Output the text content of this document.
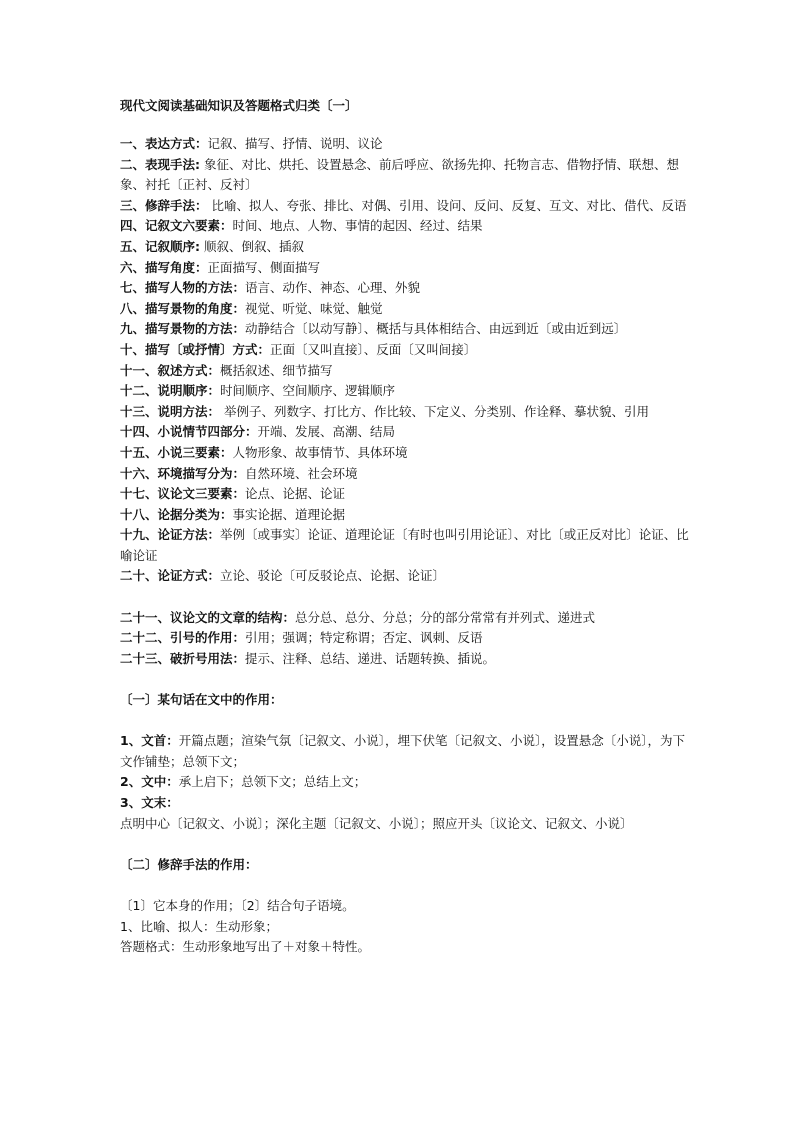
现代文阅读基础知识及答题格式归类〔一〕

一、表达方式：记叙、描写、抒情、说明、议论

二、表现手法: 象征、对比、烘托、设置悬念、前后呼应、欲扬先抑、托物言志、借物抒情、联想、想象、衬托〔正衬、反衬〕

三、修辞手法： 比喻、拟人、夸张、排比、对偶、引用、设问、反问、反复、互文、对比、借代、反语

四、记叙文六要素：时间、地点、人物、事情的起因、经过、结果

五、记叙顺序: 顺叙、倒叙、插叙

六、描写角度：正面描写、侧面描写

七、描写人物的方法：语言、动作、神态、心理、外貌

八、描写景物的角度：视觉、听觉、味觉、触觉

九、描写景物的方法：动静结合〔以动写静〕、概括与具体相结合、由远到近〔或由近到远〕

十、描写〔或抒情〕方式：正面〔又叫直接〕、反面〔又叫间接〕

十一、叙述方式：概括叙述、细节描写

十二、说明顺序：时间顺序、空间顺序、逻辑顺序

十三、说明方法： 举例子、列数字、打比方、作比较、下定义、分类别、作诠释、摹状貌、引用

十四、小说情节四部分：开端、发展、高潮、结局

十五、小说三要素：人物形象、故事情节、具体环境

十六、环境描写分为：自然环境、社会环境

十七、议论文三要素：论点、论据、论证

十八、论据分类为：事实论据、道理论据

十九、论证方法：举例〔或事实〕论证、道理论证〔有时也叫引用论证〕、对比〔或正反对比〕论证、比喻论证

二十、论证方式：立论、驳论〔可反驳论点、论据、论证〕

二十一、议论文的文章的结构：总分总、总分、分总；分的部分常常有并列式、递进式

二十二、引号的作用：引用；强调；特定称谓；否定、讽刺、反语

二十三、破折号用法：提示、注释、总结、递进、话题转换、插说。

〔一〕某句话在文中的作用：

1、文首：开篇点题；渲染气氛〔记叙文、小说〕，埋下伏笔〔记叙文、小说〕，设置悬念〔小说〕，为下文作铺垫；总领下文；

2、文中：承上启下；总领下文；总结上文；

3、文末：点明中心〔记叙文、小说〕；深化主题〔记叙文、小说〕；照应开头〔议论文、记叙文、小说〕

〔二〕修辞手法的作用：

〔1〕它本身的作用；〔2〕结合句子语境。

1、比喻、拟人：生动形象；

答题格式：生动形象地写出了＋对象＋特性。
